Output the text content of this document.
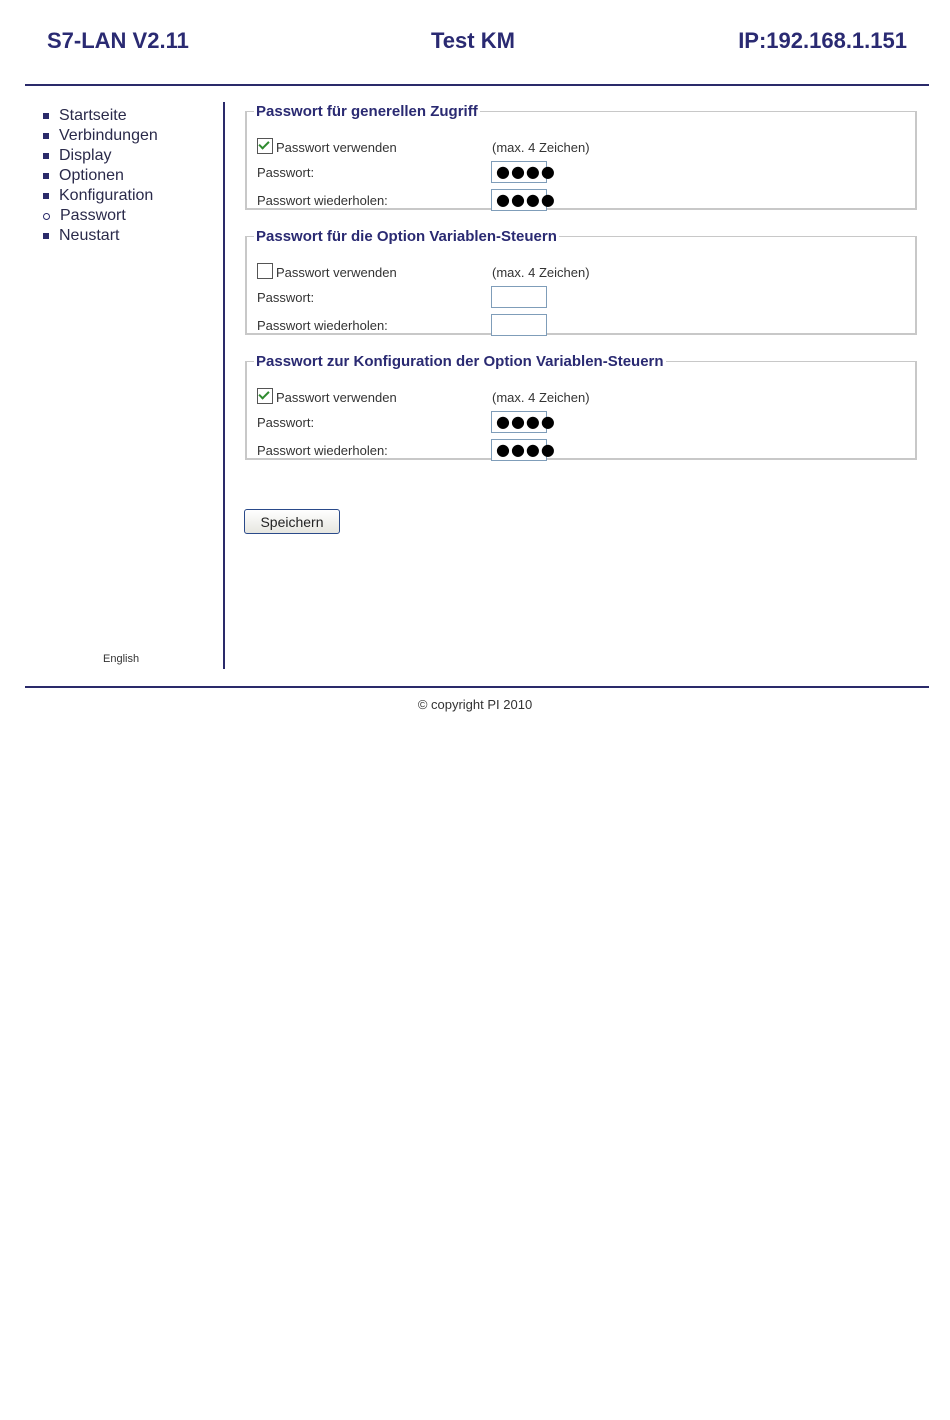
S7-LAN V2.11	Test KM	IP:192.168.1.151
Startseite
Verbindungen
Display
Optionen
Konfiguration
Passwort
Neustart
English
Passwort für generellen Zugriff
Passwort verwenden	(max. 4 Zeichen)
Passwort:	●●●●
Passwort wiederholen:	●●●●
Passwort für die Option Variablen-Steuern
Passwort verwenden	(max. 4 Zeichen)
Passwort:
Passwort wiederholen:
Passwort zur Konfiguration der Option Variablen-Steuern
Passwort verwenden	(max. 4 Zeichen)
Passwort:	●●●●
Passwort wiederholen:	●●●●
Speichern
© copyright PI 2010
